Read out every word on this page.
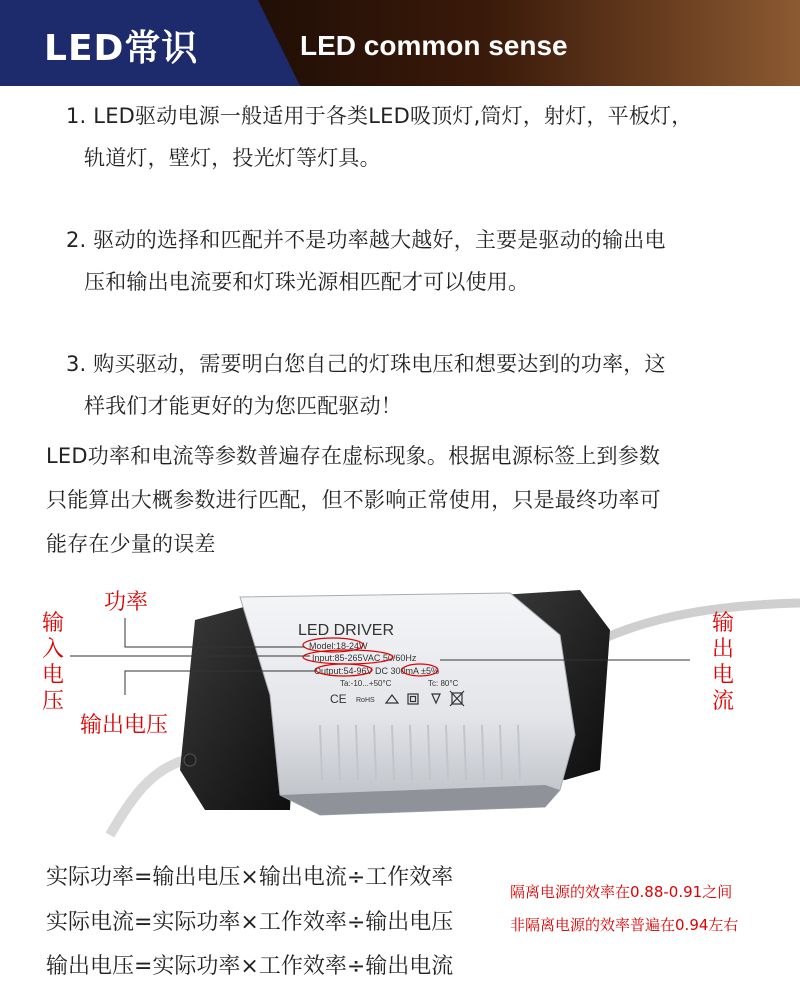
LED常识	LED common sense

1. LED驱动电源一般适用于各类LED吸顶灯,筒灯，射灯，平板灯，
轨道灯，壁灯，投光灯等灯具。

2. 驱动的选择和匹配并不是功率越大越好，主要是驱动的输出电
压和输出电流要和灯珠光源相匹配才可以使用。

3. 购买驱动，需要明白您自己的灯珠电压和想要达到的功率，这
样我们才能更好的为您匹配驱动！

LED功率和电流等参数普遍存在虚标现象。根据电源标签上到参数
只能算出大概参数进行匹配，但不影响正常使用，只是最终功率可
能存在少量的误差

LED DRIVER
Model:18-24W
Input:85-265VAC 50/60Hz
Output:54-96V DC 300mA ±5%
Ta:-10...+50°C	Tc: 80°C
CE RoHS
功率
输入电压
输出电压
输出电流

实际功率=输出电压×输出电流÷工作效率

实际电流=实际功率×工作效率÷输出电压

输出电压=实际功率×工作效率÷输出电流

隔离电源的效率在0.88-0.91之间

非隔离电源的效率普遍在0.94左右
